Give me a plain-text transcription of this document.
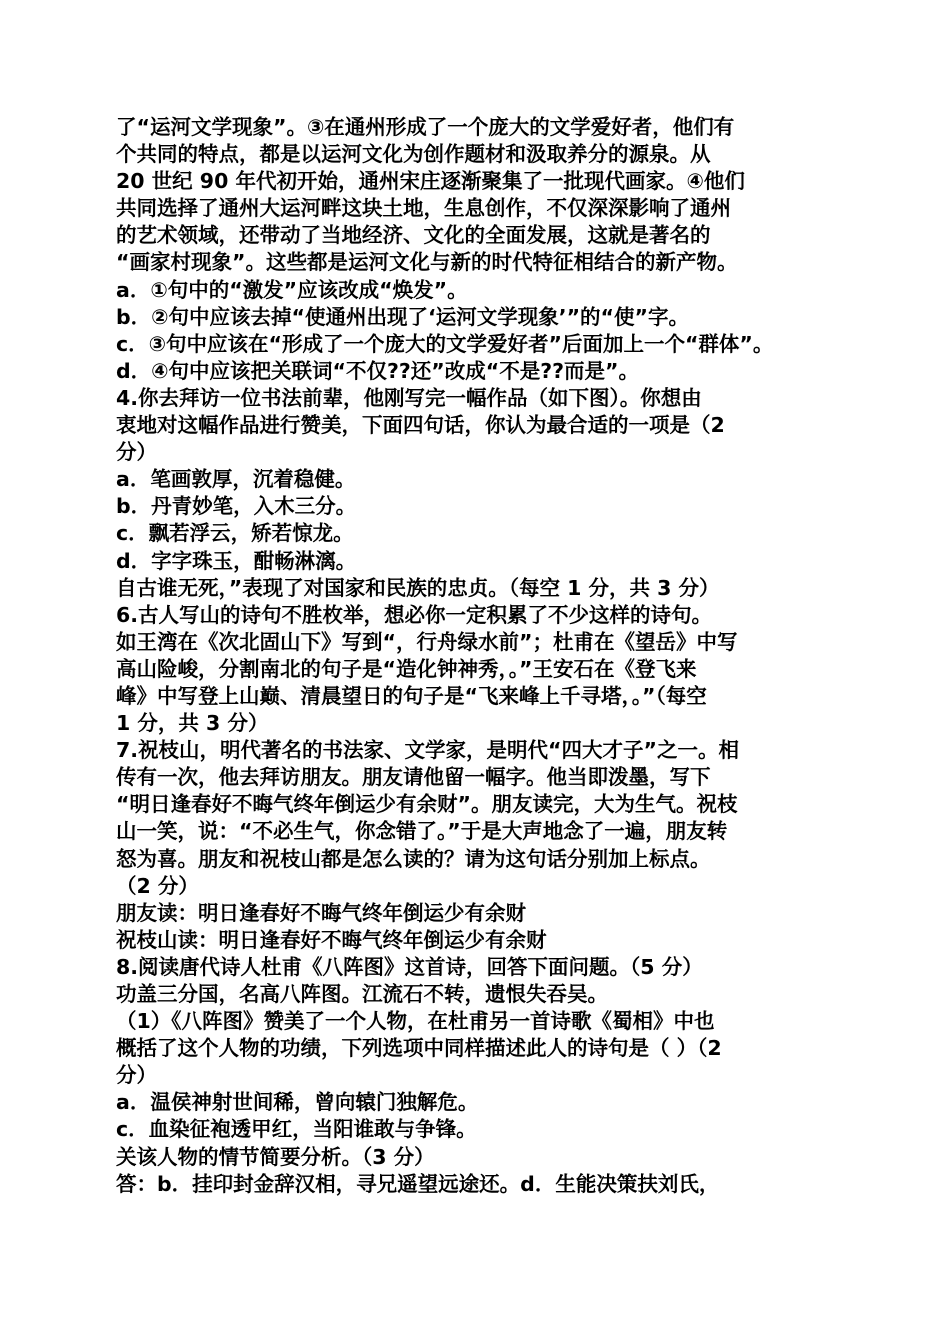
了“运河文学现象”。③在通州形成了一个庞大的文学爱好者，他们有
个共同的特点，都是以运河文化为创作题材和汲取养分的源泉。从
20 世纪 90 年代初开始，通州宋庄逐渐聚集了一批现代画家。④他们
共同选择了通州大运河畔这块土地，生息创作，不仅深深影响了通州
的艺术领域，还带动了当地经济、文化的全面发展，这就是著名的
“画家村现象”。这些都是运河文化与新的时代特征相结合的新产物。
a．①句中的“激发”应该改成“焕发”。
b．②句中应该去掉“使通州出现了‘运河文学现象’”的“使”字。
c．③句中应该在“形成了一个庞大的文学爱好者”后面加上一个“群体”。
d．④句中应该把关联词“不仅??还”改成“不是??而是”。
4.你去拜访一位书法前辈，他刚写完一幅作品（如下图）。你想由
衷地对这幅作品进行赞美，下面四句话，你认为最合适的一项是（2
分）
a．笔画敦厚，沉着稳健。
b．丹青妙笔，入木三分。
c．飘若浮云，矫若惊龙。
d．字字珠玉，酣畅淋漓。
自古谁无死，”表现了对国家和民族的忠贞。（每空 1 分，共 3 分）
6.古人写山的诗句不胜枚举，想必你一定积累了不少这样的诗句。
如王湾在《次北固山下》写到“，行舟绿水前”；杜甫在《望岳》中写
高山险峻，分割南北的句子是“造化钟神秀，。”王安石在《登飞来
峰》中写登上山巅、清晨望日的句子是“飞来峰上千寻塔，。”（每空
1 分，共 3 分）
7.祝枝山，明代著名的书法家、文学家，是明代“四大才子”之一。相
传有一次，他去拜访朋友。朋友请他留一幅字。他当即泼墨，写下
“明日逢春好不晦气终年倒运少有余财”。朋友读完，大为生气。祝枝
山一笑，说：“不必生气，你念错了。”于是大声地念了一遍，朋友转
怒为喜。朋友和祝枝山都是怎么读的？请为这句话分别加上标点。
（2 分）
朋友读：明日逢春好不晦气终年倒运少有余财
祝枝山读：明日逢春好不晦气终年倒运少有余财
8.阅读唐代诗人杜甫《八阵图》这首诗，回答下面问题。（5 分）
功盖三分国，名高八阵图。江流石不转，遗恨失吞吴。
（1）《八阵图》赞美了一个人物，在杜甫另一首诗歌《蜀相》中也
概括了这个人物的功绩，下列选项中同样描述此人的诗句是（ ）（2
分）
a．温侯神射世间稀，曾向辕门独解危。
c．血染征袍透甲红，当阳谁敢与争锋。
关该人物的情节简要分析。（3 分）
答：b．挂印封金辞汉相，寻兄遥望远途还。d．生能决策扶刘氏，
